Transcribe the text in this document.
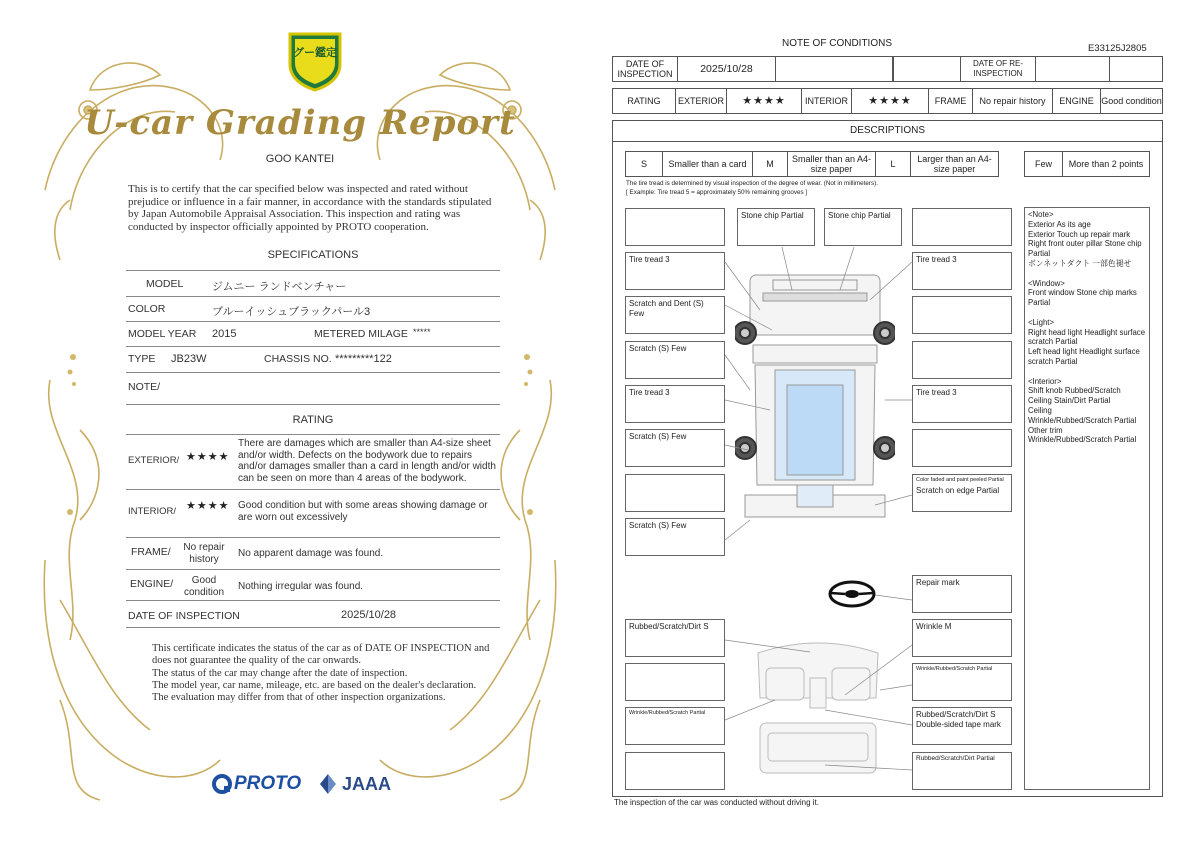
グー鑑定
U-car Grading Report
GOO KANTEI
This is to certify that the car specified below was inspected and rated without prejudice or influence in a fair manner, in accordance with the standards stipulated by Japan Automobile Appraisal Association. This inspection and rating was conducted by inspector officially appointed by PROTO cooperation.
SPECIFICATIONS
MODEL	ジムニー ランドベンチャー
COLOR	ブルーイッシュブラックパール3
MODEL YEAR 2015	METERED MILAGE *****
TYPE JB23W	CHASSIS NO. *********122
NOTE/
RATING
EXTERIOR/ ★★★★
There are damages which are smaller than A4-size sheet and/or width. Defects on the bodywork due to repairs and/or damages smaller than a card in length and/or width can be seen on more than 4 areas of the bodywork.
INTERIOR/ ★★★★ Good condition but with some areas showing damage or are worn out excessively
FRAME/	No repair history	No apparent damage was found.
ENGINE/	Good condition	Nothing irregular was found.
DATE OF INSPECTION	2025/10/28
This certificate indicates the status of the car as of DATE OF INSPECTION and does not guarantee the quality of the car onwards.
The status of the car may change after the date of inspection.
The model year, car name, mileage, etc. are based on the dealer's declaration.
The evaluation may differ from that of other inspection organizations.
PROTO JAAA
NOTE OF CONDITIONS	E33125J2805
DATE OF INSPECTION	2025/10/28	DATE OF RE-INSPECTION
RATING	EXTERIOR	★★★★	INTERIOR	★★★★	FRAME	No repair history	ENGINE Good condition
DESCRIPTIONS
S	Smaller than a card	M	Smaller than an A4-size paper	L	Larger than an A4-size paper	Few	More than 2 points
The tire tread is determined by visual inspection of the degree of wear. (Not in millimeters).
[ Example: Tire tread 5 = approximately 50% remaining grooves ]
<Note>
Exterior As its age
Exterior Touch up repair mark
Right front outer pillar Stone chip Partial
ボンネットダクト 一部色褪せ

<Window>
Front window Stone chip marks Partial

<Light>
Right head light Headlight surface scratch Partial
Left head light Headlight surface scratch Partial

<Interior>
Shift knob Rubbed/Scratch
Ceiling Stain/Dirt Partial
Ceiling
Wrinkle/Rubbed/Scratch Partial
Other trim
Wrinkle/Rubbed/Scratch Partial
Tire tread 3
Scratch and Dent (S) Few
Scratch (S) Few
Tire tread 3
Scratch (S) Few
Scratch (S) Few
Stone chip Partial	Stone chip Partial
Tire tread 3
Tire tread 3
Color faded and paint peeled Partial
Scratch on edge Partial
Repair mark
Rubbed/Scratch/Dirt S
Wrinkle/Rubbed/Scratch Partial
Wrinkle M
Wrinkle/Rubbed/Scratch Partial
Rubbed/Scratch/Dirt S
Double-sided tape mark
Rubbed/Scratch/Dirt Partial
The inspection of the car was conducted without driving it.
